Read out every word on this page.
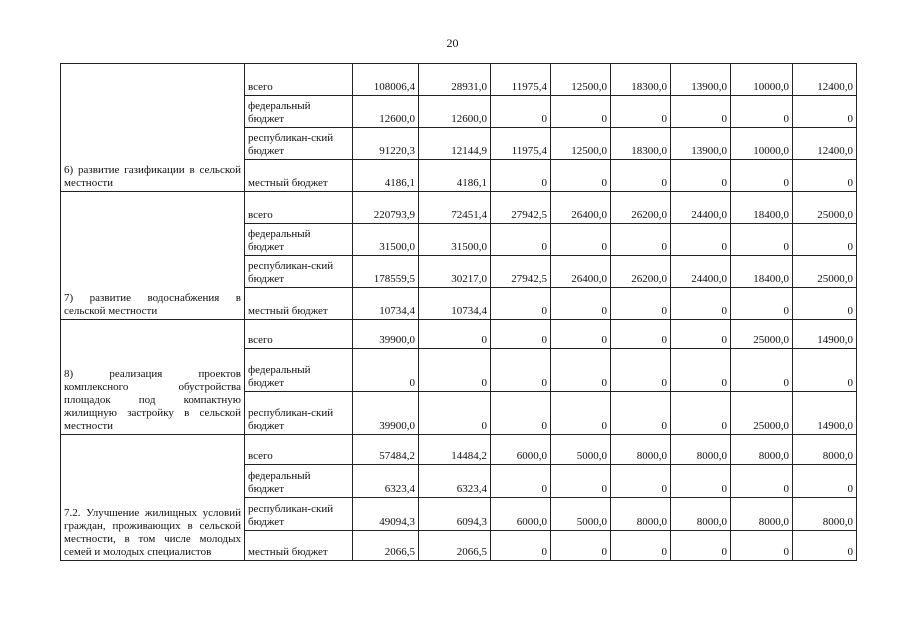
20
6) развитие газификации в сельской местности	всего	108006,4	28931,0	11975,4	12500,0	18300,0	13900,0	10000,0	12400,0
	федеральный бюджет	12600,0	12600,0	0	0	0	0	0	0
	республикан-ский бюджет	91220,3	12144,9	11975,4	12500,0	18300,0	13900,0	10000,0	12400,0
	местный бюджет	4186,1	4186,1	0	0	0	0	0	0
7) развитие водоснабжения в сельской местности	всего	220793,9	72451,4	27942,5	26400,0	26200,0	24400,0	18400,0	25000,0
	федеральный бюджет	31500,0	31500,0	0	0	0	0	0	0
	республикан-ский бюджет	178559,5	30217,0	27942,5	26400,0	26200,0	24400,0	18400,0	25000,0
	местный бюджет	10734,4	10734,4	0	0	0	0	0	0
8) реализация проектов комплексного обустройства площадок под компактную жилищную застройку в сельской местности	всего	39900,0	0	0	0	0	0	25000,0	14900,0
	федеральный бюджет	0	0	0	0	0	0	0	0
	республикан-ский бюджет	39900,0	0	0	0	0	0	25000,0	14900,0
7.2. Улучшение жилищных условий граждан, проживающих в сельской местности, в том числе молодых семей и молодых специалистов	всего	57484,2	14484,2	6000,0	5000,0	8000,0	8000,0	8000,0	8000,0
	федеральный бюджет	6323,4	6323,4	0	0	0	0	0	0
	республикан-ский бюджет	49094,3	6094,3	6000,0	5000,0	8000,0	8000,0	8000,0	8000,0
	местный бюджет	2066,5	2066,5	0	0	0	0	0	0
